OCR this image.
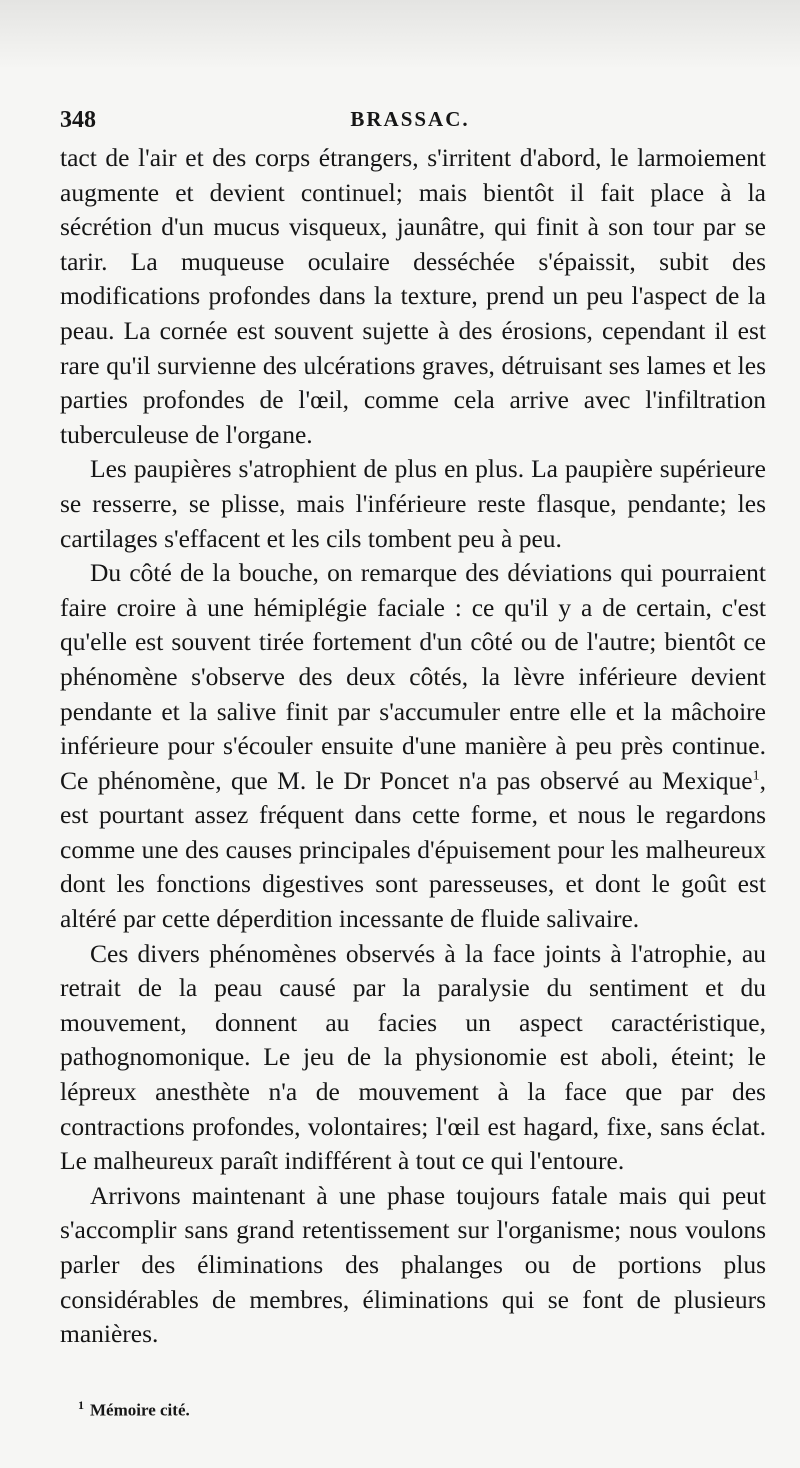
348	BRASSAC.

tact de l'air et des corps étrangers, s'irritent d'abord, le larmoiement augmente et devient continuel; mais bientôt il fait place à la sécrétion d'un mucus visqueux, jaunâtre, qui finit à son tour par se tarir. La muqueuse oculaire desséchée s'épaissit, subit des modifications profondes dans la texture, prend un peu l'aspect de la peau. La cornée est souvent sujette à des érosions, cependant il est rare qu'il survienne des ulcérations graves, détruisant ses lames et les parties profondes de l'œil, comme cela arrive avec l'infiltration tuberculeuse de l'organe.

Les paupières s'atrophient de plus en plus. La paupière supérieure se resserre, se plisse, mais l'inférieure reste flasque, pendante; les cartilages s'effacent et les cils tombent peu à peu.

Du côté de la bouche, on remarque des déviations qui pourraient faire croire à une hémiplégie faciale : ce qu'il y a de certain, c'est qu'elle est souvent tirée fortement d'un côté ou de l'autre; bientôt ce phénomène s'observe des deux côtés, la lèvre inférieure devient pendante et la salive finit par s'accumuler entre elle et la mâchoire inférieure pour s'écouler ensuite d'une manière à peu près continue. Ce phénomène, que M. le Dr Poncet n'a pas observé au Mexique$^1$, est pourtant assez fréquent dans cette forme, et nous le regardons comme une des causes principales d'épuisement pour les malheureux dont les fonctions digestives sont paresseuses, et dont le goût est altéré par cette déperdition incessante de fluide salivaire.

Ces divers phénomènes observés à la face joints à l'atrophie, au retrait de la peau causé par la paralysie du sentiment et du mouvement, donnent au facies un aspect caractéristique, pathognomonique. Le jeu de la physionomie est aboli, éteint; le lépreux anesthète n'a de mouvement à la face que par des contractions profondes, volontaires; l'œil est hagard, fixe, sans éclat. Le malheureux paraît indifférent à tout ce qui l'entoure.

Arrivons maintenant à une phase toujours fatale mais qui peut s'accomplir sans grand retentissement sur l'organisme; nous voulons parler des éliminations des phalanges ou de portions plus considérables de membres, éliminations qui se font de plusieurs manières.

$^1$ Mémoire cité.
